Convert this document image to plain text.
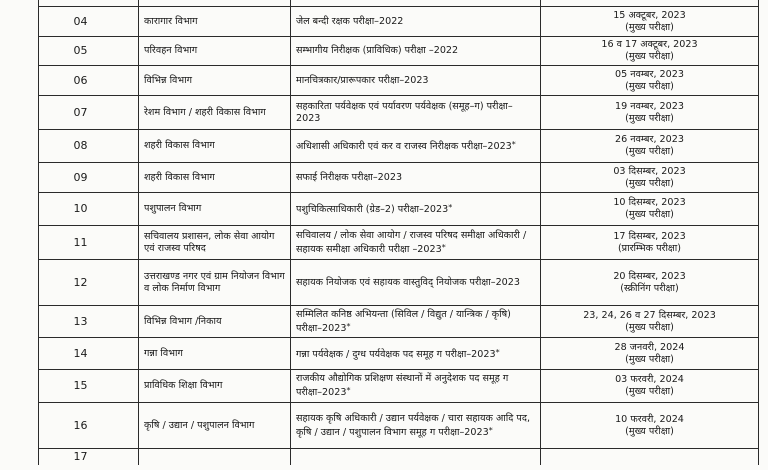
04	कारागार विभाग	जेल बन्दी रक्षक परीक्षा–2022	15 अक्टूबर, 2023
(मुख्य परीक्षा)

05	परिवहन विभाग	सम्भागीय निरीक्षक (प्राविधिक) परीक्षा –2022	16 व 17 अक्टूबर, 2023
(मुख्य परीक्षा)

06	विभिन्न विभाग	मानचित्रकार/प्रारूपकार परीक्षा–2023	05 नवम्बर, 2023
(मुख्य परीक्षा)

07	रेशम विभाग / शहरी विकास विभाग	सहकारिता पर्यवेक्षक एवं पर्यावरण पर्यवेक्षक (समूह–ग) परीक्षा–2023	19 नवम्बर, 2023
(मुख्य परीक्षा)

08	शहरी विकास विभाग	अधिशासी अधिकारी एवं कर व राजस्व निरीक्षक परीक्षा–2023*	26 नवम्बर, 2023
(मुख्य परीक्षा)

09	शहरी विकास विभाग	सफाई निरीक्षक परीक्षा–2023	03 दिसम्बर, 2023
(मुख्य परीक्षा)

10	पशुपालन विभाग	पशुचिकित्साधिकारी (ग्रेड–2) परीक्षा–2023*	10 दिसम्बर, 2023
(मुख्य परीक्षा)

11	सचिवालय प्रशासन, लोक सेवा आयोग एवं राजस्व परिषद	सचिवालय / लोक सेवा आयोग / राजस्व परिषद समीक्षा अधिकारी / सहायक समीक्षा अधिकारी परीक्षा –2023*	17 दिसम्बर, 2023
(प्रारम्भिक परीक्षा)

12	उत्तराखण्ड नगर एवं ग्राम नियोजन विभाग व लोक निर्माण विभाग	सहायक नियोजक एवं सहायक वास्तुविद् नियोजक परीक्षा–2023	20 दिसम्बर, 2023
(स्क्रीनिंग परीक्षा)

13	विभिन्न विभाग /निकाय	सम्मिलित कनिष्ठ अभियन्ता (सिविल / विद्युत / यान्त्रिक / कृषि) परीक्षा–2023*	23, 24, 26 व 27 दिसम्बर, 2023
(मुख्य परीक्षा)

14	गन्ना विभाग	गन्ना पर्यवेक्षक / दुग्ध पर्यवेक्षक पद समूह ग परीक्षा–2023*	28 जनवरी, 2024
(मुख्य परीक्षा)

15	प्राविधिक शिक्षा विभाग	राजकीय औद्योगिक प्रशिक्षण संस्थानों में अनुदेशक पद समूह ग परीक्षा–2023*	03 फरवरी, 2024
(मुख्य परीक्षा)

16	कृषि / उद्यान / पशुपालन विभाग	सहायक कृषि अधिकारी / उद्यान पर्यवेक्षक / चारा सहायक आदि पद, कृषि / उद्यान / पशुपालन विभाग समूह ग परीक्षा–2023*	10 फरवरी, 2024
(मुख्य परीक्षा)

17			
